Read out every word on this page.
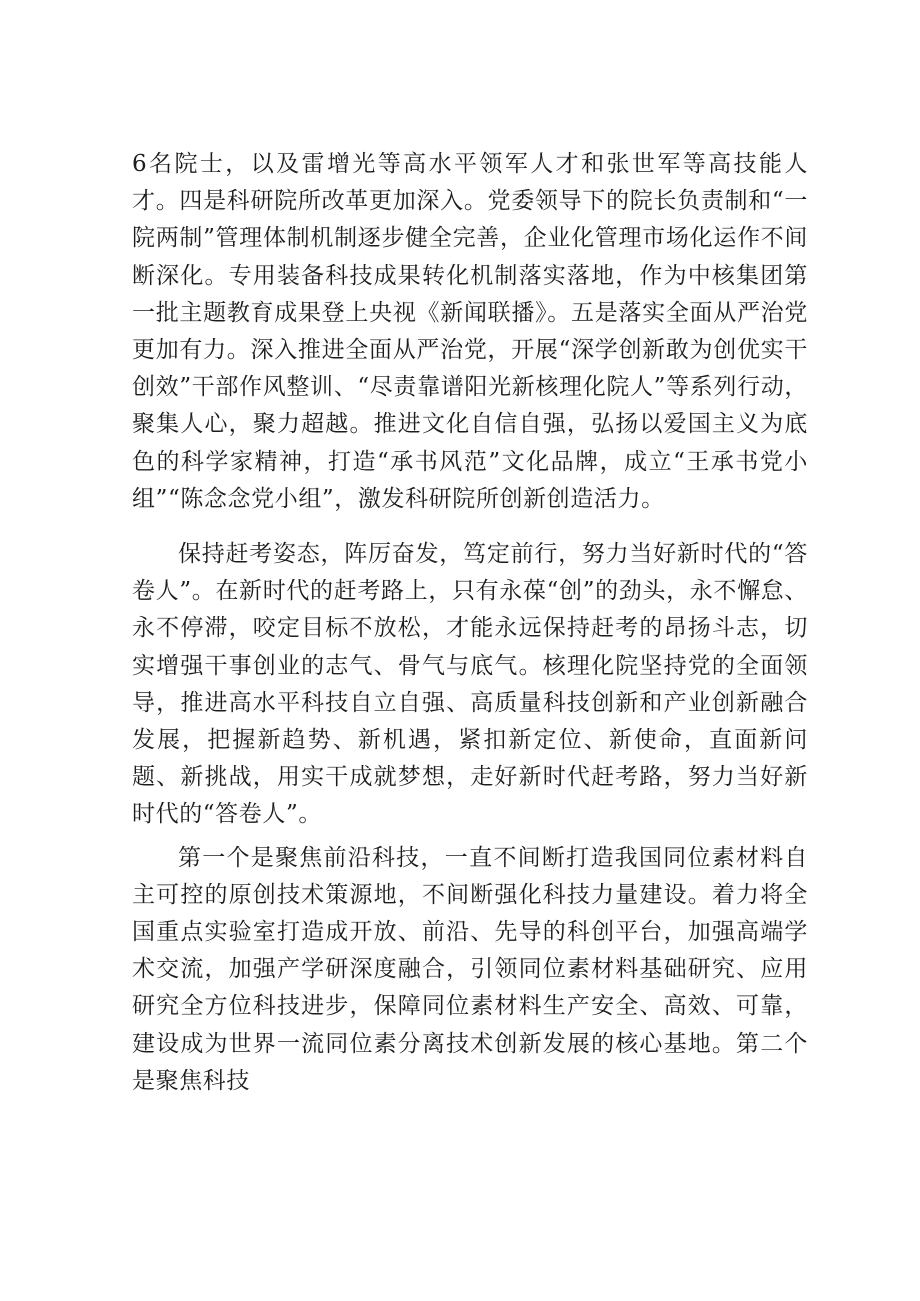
6名院士，以及雷增光等高水平领军人才和张世军等高技能人才。四是科研院所改革更加深入。党委领导下的院长负责制和“一院两制”管理体制机制逐步健全完善，企业化管理市场化运作不间断深化。专用装备科技成果转化机制落实落地，作为中核集团第一批主题教育成果登上央视《新闻联播》。五是落实全面从严治党更加有力。深入推进全面从严治党，开展“深学创新敢为创优实干创效”干部作风整训、“尽责靠谱阳光新核理化院人”等系列行动，聚集人心，聚力超越。推进文化自信自强，弘扬以爱国主义为底色的科学家精神，打造“承书风范”文化品牌，成立“王承书党小组”“陈念念党小组”，激发科研院所创新创造活力。

保持赶考姿态，阵厉奋发，笃定前行，努力当好新时代的“答卷人”。在新时代的赶考路上，只有永葆“创”的劲头，永不懈怠、永不停滞，咬定目标不放松，才能永远保持赶考的昂扬斗志，切实增强干事创业的志气、骨气与底气。核理化院坚持党的全面领导，推进高水平科技自立自强、高质量科技创新和产业创新融合发展，把握新趋势、新机遇，紧扣新定位、新使命，直面新问题、新挑战，用实干成就梦想，走好新时代赶考路，努力当好新时代的“答卷人”。

第一个是聚焦前沿科技，一直不间断打造我国同位素材料自主可控的原创技术策源地，不间断强化科技力量建设。着力将全国重点实验室打造成开放、前沿、先导的科创平台，加强高端学术交流，加强产学研深度融合，引领同位素材料基础研究、应用研究全方位科技进步，保障同位素材料生产安全、高效、可靠，建设成为世界一流同位素分离技术创新发展的核心基地。第二个是聚焦科技
